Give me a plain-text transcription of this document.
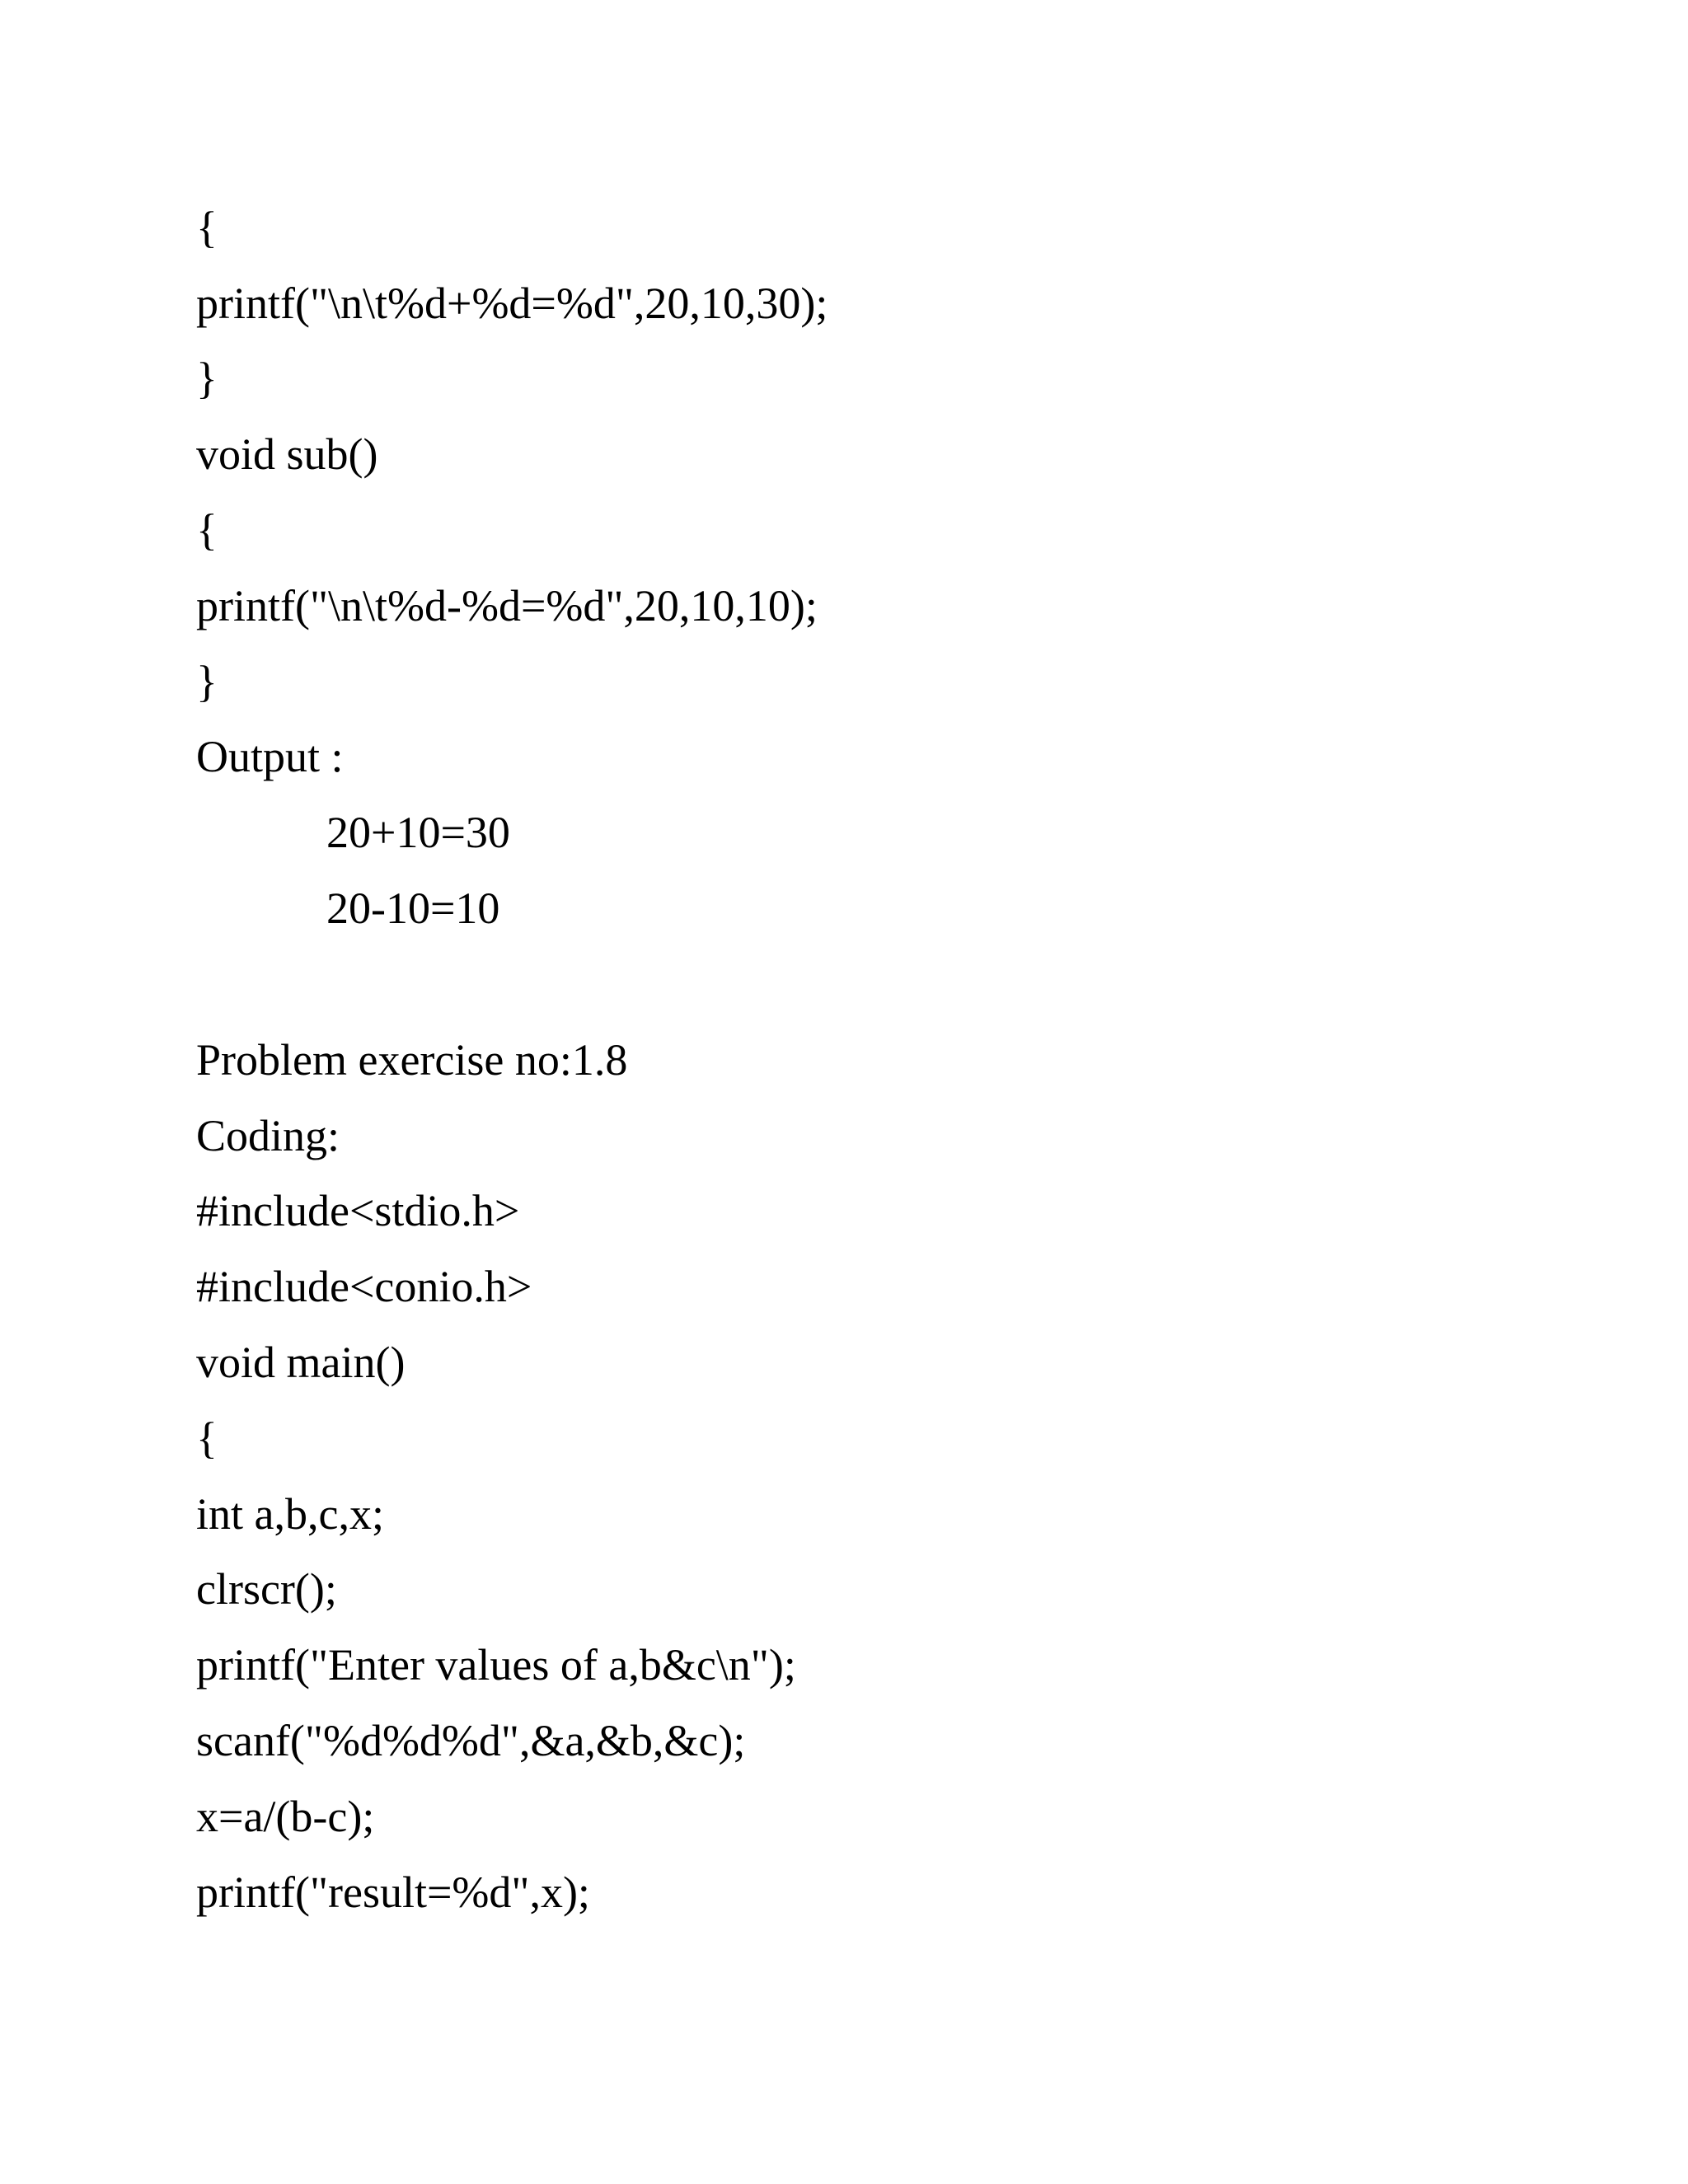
{
printf("\n\t%d+%d=%d",20,10,30);
}
void sub()
{
printf("\n\t%d-%d=%d",20,10,10);
}
Output :
20+10=30
20-10=10
Problem exercise no:1.8
Coding:
#include<stdio.h>
#include<conio.h>
void main()
{
int a,b,c,x;
clrscr();
printf("Enter values of a,b&c\n");
scanf("%d%d%d",&a,&b,&c);
x=a/(b-c);
printf("result=%d",x);
